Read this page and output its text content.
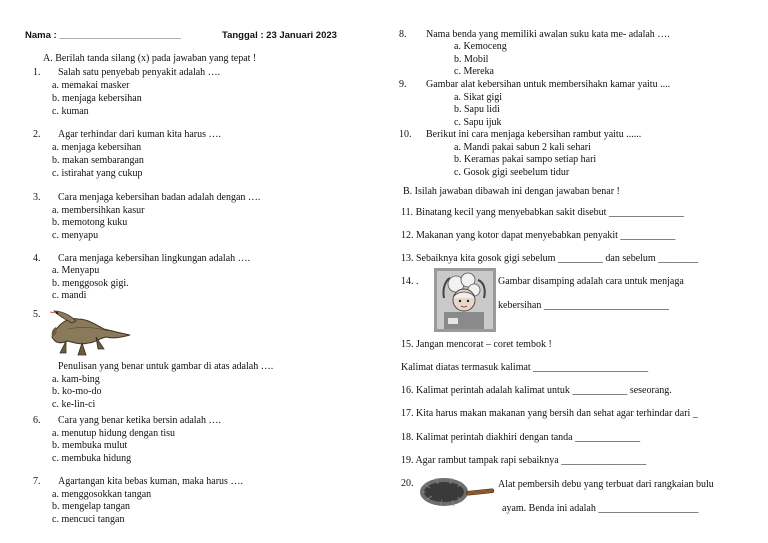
Nama : _______________________	Tanggal : 23 Januari 2023
A. Berilah tanda silang (x) pada jawaban yang tepat !
1. Salah satu penyebab penyakit adalah ….
a. memakai masker
b. menjaga kebersihan
c. kuman
2. Agar terhindar dari kuman kita harus ….
a. menjaga kebersihan
b. makan sembarangan
c. istirahat yang cukup
3. Cara menjaga kebersihan badan adalah dengan ….
a. membersihkan kasur
b. memotong kuku
c. menyapu
4. Cara menjaga kebersihan lingkungan adalah ….
a. Menyapu
b. menggosok gigi.
c. mandi
5.
Penulisan yang benar untuk gambar di atas adalah ….
a. kam-bing
b. ko-mo-do
c. ke-lin-ci
6. Cara yang benar ketika bersin adalah ….
a. menutup hidung dengan tisu
b. membuka mulut
c. membuka hidung
7. Agartangan kita bebas kuman, maka harus ….
a. menggosokkan tangan
b. mengelap tangan
c. mencuci tangan
8. Nama benda yang memiliki awalan suku kata me- adalah ….
a. Kemoceng
b. Mobil
c. Mereka
9. Gambar alat kebersihan untuk membersihakn kamar yaitu ....
a. Sikat gigi
b. Sapu lidi
c. Sapu ijuk
10. Berikut ini cara menjaga kebersihan rambut yaitu ......
a. Mandi pakai sabun 2 kali sehari
b. Keramas pakai sampo setiap hari
c. Gosok gigi seebelum tidur
B. Isilah jawaban dibawah ini dengan jawaban benar !
11. Binatang kecil yang menyebabkan sakit disebut _______________
12. Makanan yang kotor dapat menyebabkan penyakit ___________
13. Sebaiknya kita gosok gigi sebelum _________ dan sebelum ________
14. .	Gambar disamping adalah cara untuk menjaga
kebersihan _________________________
15. Jangan mencorat – coret tembok !
Kalimat diatas termasuk kalimat _______________________
16. Kalimat perintah adalah kalimat untuk ___________ seseorang.
17. Kita harus makan makanan yang bersih dan sehat agar terhindar dari _
18. Kalimat perintah diakhiri dengan tanda _____________
19. Agar rambut tampak rapi sebaiknya _________________
20.	Alat pembersih debu yang terbuat dari rangkaian bulu
ayam. Benda ini adalah ____________________
